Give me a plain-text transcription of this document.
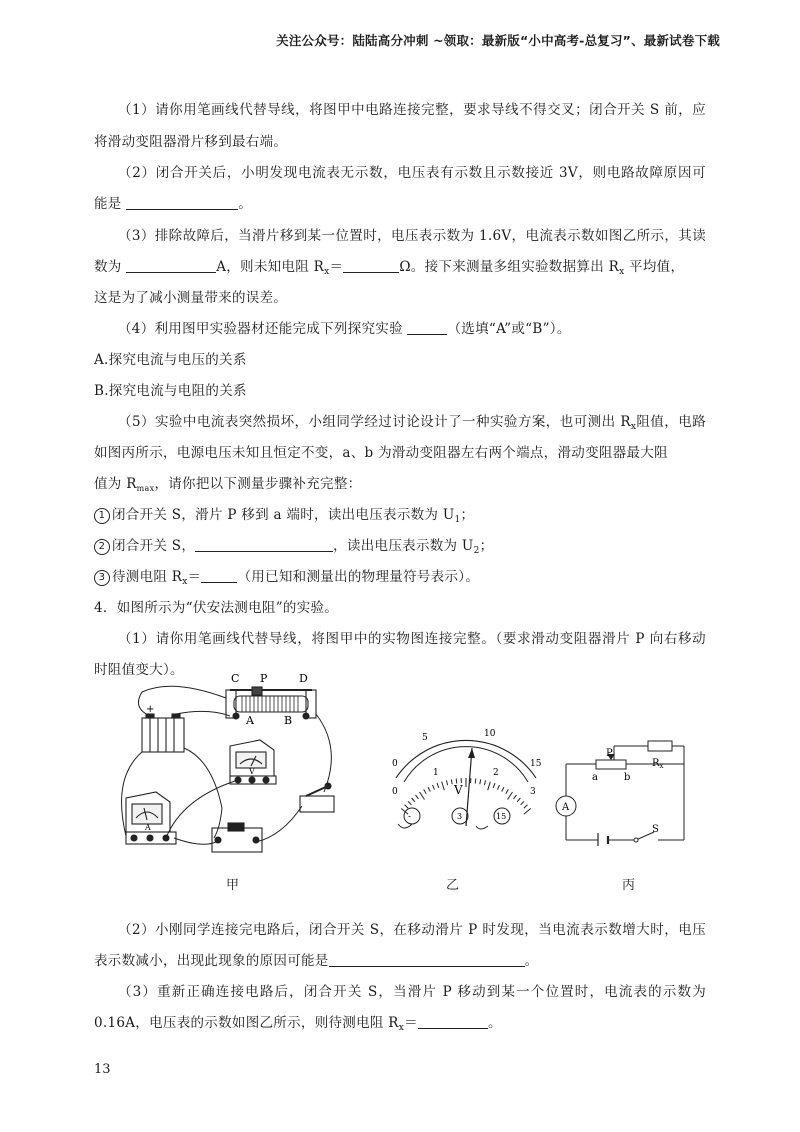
关注公众号：陆陆高分冲刺 ~领取：最新版“小中高考-总复习”、最新试卷下载
（1）请你用笔画线代替导线，将图甲中电路连接完整，要求导线不得交叉；闭合开关 S 前，应
将滑动变阻器滑片移到最右端。
（2）闭合开关后，小明发现电流表无示数，电压表有示数且示数接近 3V，则电路故障原因可
能是	。
（3）排除故障后，当滑片移到某一位置时，电压表示数为 1.6V，电流表示数如图乙所示，其读
数为	A，则未知电阻 $R_x=$	Ω。接下来测量多组实验数据算出 $R_x$ 平均值，
这是为了减小测量带来的误差。
（4）利用图甲实验器材还能完成下列探究实验	（选填“A”或“B”）。
A.探究电流与电压的关系
B.探究电流与电阻的关系
（5）实验中电流表突然损坏，小组同学经过讨论设计了一种实验方案，也可测出 $R_x$阻值，电路
如图丙所示，电源电压未知且恒定不变，a、b 为滑动变阻器左右两个端点，滑动变阻器最大阻
值为 $R_{max}$，请你把以下测量步骤补充完整：
1 闭合开关 S，滑片 P 移到 a 端时，读出电压表示数为 $U_1$；
2 闭合开关 S，	，读出电压表示数为 $U_2$；
3 待测电阻 $R_x=$	（用已知和测量出的物理量符号表示）。
4．如图所示为“伏安法测电阻”的实验。
（1）请你用笔画线代替导线，将图甲中的实物图连接完整。（要求滑动变阻器滑片 P 向右移动
时阻值变大）。
C P	D
A	B
+
V
A
0
5	10
15
0
1	2
3
V
-	3	15
P
$R_x$
a	b
A
S
甲	乙	丙
（2）小刚同学连接完电路后，闭合开关 S，在移动滑片 P 时发现，当电流表示数增大时，电压
表示数减小，出现此现象的原因可能是	。
（3）重新正确连接电路后，闭合开关 S，当滑片 P 移动到某一个位置时，电流表的示数为
0.16A，电压表的示数如图乙所示，则待测电阻 $R_x=$	。
13
